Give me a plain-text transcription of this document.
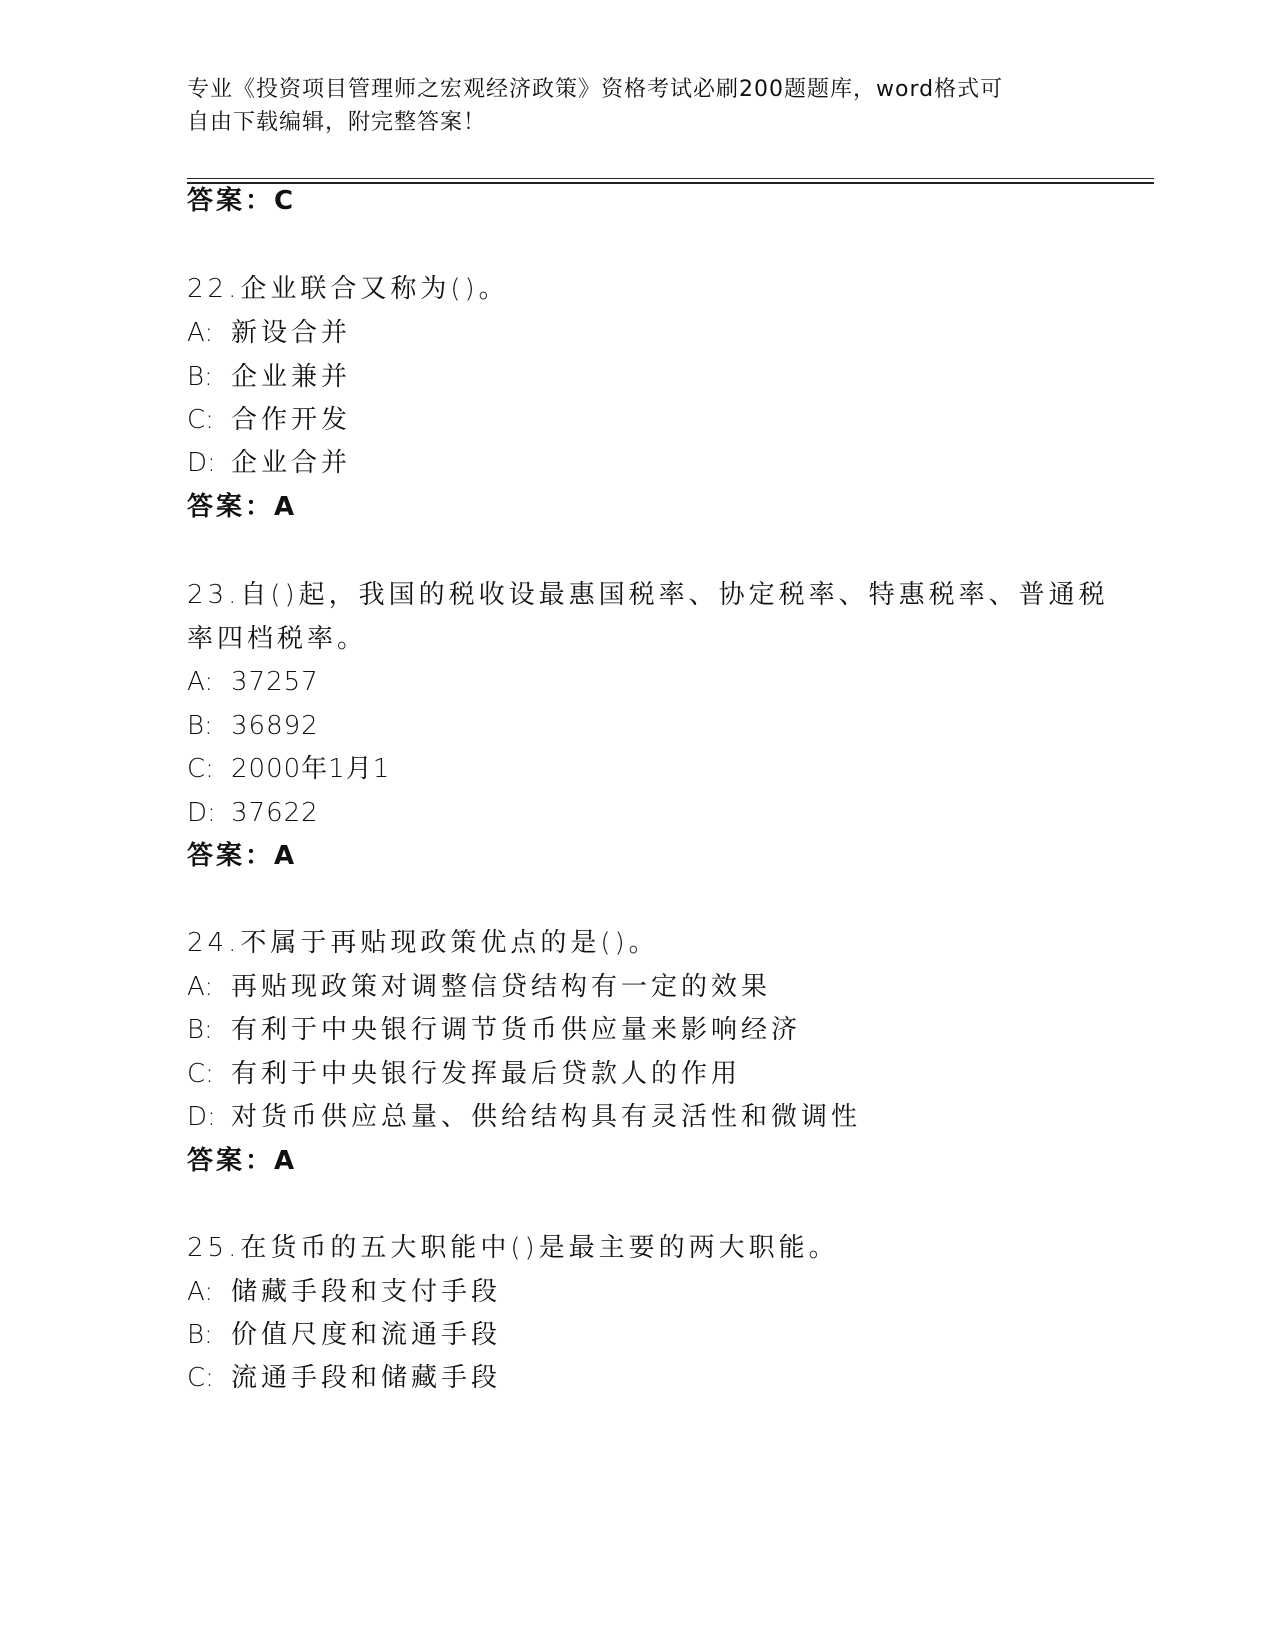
专业《投资项目管理师之宏观经济政策》资格考试必刷200题题库，word格式可
自由下载编辑，附完整答案！
答案：C
22.企业联合又称为()。
A: 新设合并
B: 企业兼并
C: 合作开发
D: 企业合并
答案：A
23.自()起，我国的税收设最惠国税率、协定税率、特惠税率、普通税
率四档税率。
A: 37257
B: 36892
C: 2000年1月1
D: 37622
答案：A
24.不属于再贴现政策优点的是()。
A: 再贴现政策对调整信贷结构有一定的效果
B: 有利于中央银行调节货币供应量来影响经济
C: 有利于中央银行发挥最后贷款人的作用
D: 对货币供应总量、供给结构具有灵活性和微调性
答案：A
25.在货币的五大职能中()是最主要的两大职能。
A: 储藏手段和支付手段
B: 价值尺度和流通手段
C: 流通手段和储藏手段
